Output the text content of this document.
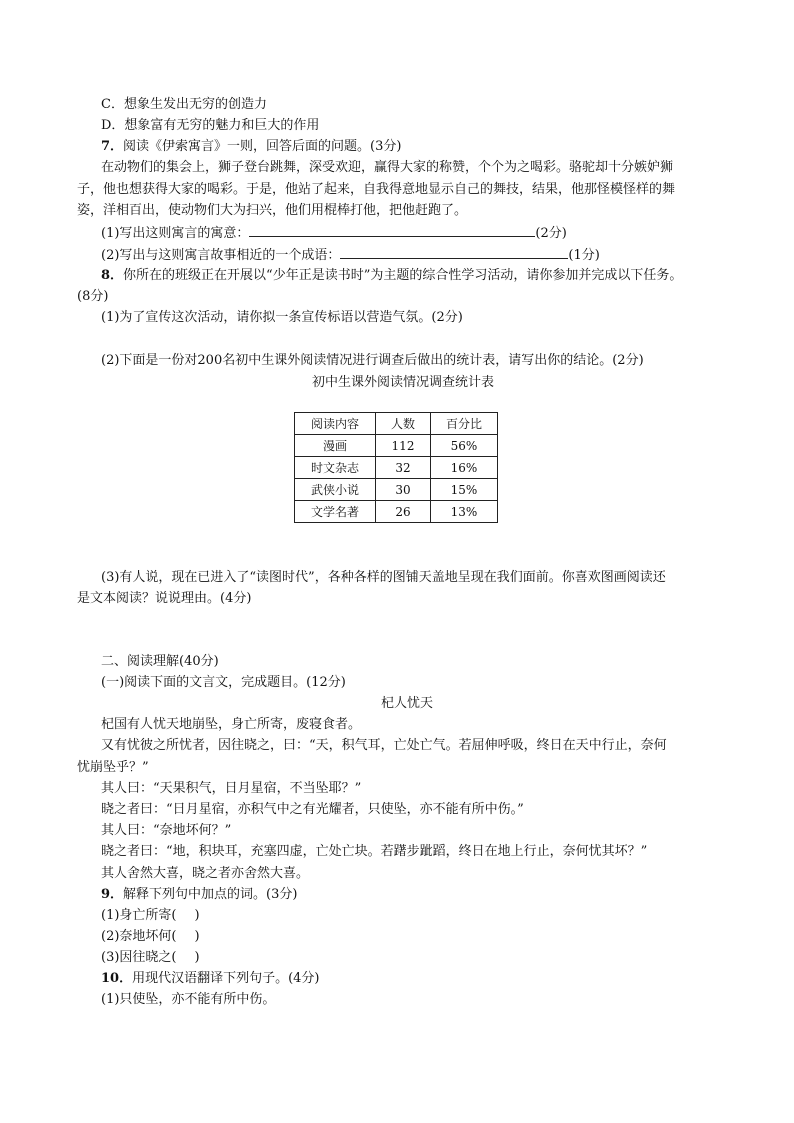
C．想象生发出无穷的创造力
D．想象富有无穷的魅力和巨大的作用
7．阅读《伊索寓言》一则，回答后面的问题。(3分)
在动物们的集会上，狮子登台跳舞，深受欢迎，赢得大家的称赞，个个为之喝彩。骆驼却十分嫉妒狮
子，他也想获得大家的喝彩。于是，他站了起来，自我得意地显示自己的舞技，结果，他那怪模怪样的舞
姿，洋相百出，使动物们大为扫兴，他们用棍棒打他，把他赶跑了。
(1)写出这则寓言的寓意：	(2分)
(2)写出与这则寓言故事相近的一个成语：	(1分)
8．你所在的班级正在开展以“少年正是读书时”为主题的综合性学习活动，请你参加并完成以下任务。
(8分)
(1)为了宣传这次活动，请你拟一条宣传标语以营造气氛。(2分)
(2)下面是一份对200名初中生课外阅读情况进行调查后做出的统计表，请写出你的结论。(2分)
初中生课外阅读情况调查统计表
阅读内容	人数	百分比
漫画	112	56%
时文杂志	32	16%
武侠小说	30	15%
文学名著	26	13%
(3)有人说，现在已进入了“读图时代”，各种各样的图铺天盖地呈现在我们面前。你喜欢图画阅读还
是文本阅读？说说理由。(4分)
二、阅读理解(40分)
(一)阅读下面的文言文，完成题目。(12分)
杞人忧天
杞国有人忧天地崩坠，身亡所寄，废寝食者。
又有忧彼之所忧者，因往晓之，曰：“天，积气耳，亡处亡气。若屈伸呼吸，终日在天中行止，奈何
忧崩坠乎？”
其人曰：“天果积气，日月星宿，不当坠耶？”
晓之者曰：“日月星宿，亦积气中之有光耀者，只使坠，亦不能有所中伤。”
其人曰：“奈地坏何？”
晓之者曰：“地，积块耳，充塞四虚，亡处亡块。若躇步跐蹈，终日在地上行止，奈何忧其坏？”
其人舍然大喜，晓之者亦舍然大喜。
9．解释下列句中加点的词。(3分)
(1)身亡所寄( )
(2)奈地坏何( )
(3)因往晓之( )
10．用现代汉语翻译下列句子。(4分)
(1)只使坠，亦不能有所中伤。
